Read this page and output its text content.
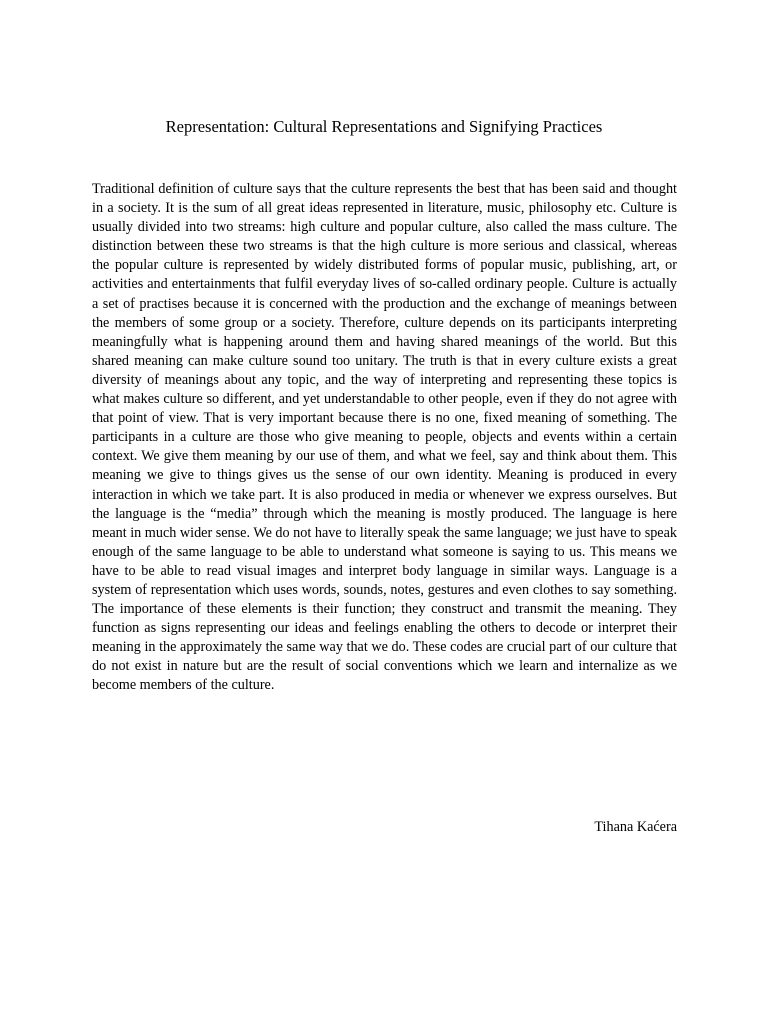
Representation: Cultural Representations and Signifying Practices

Traditional definition of culture says that the culture represents the best that has been said and thought in a society. It is the sum of all great ideas represented in literature, music, philosophy etc. Culture is usually divided into two streams: high culture and popular culture, also called the mass culture. The distinction between these two streams is that the high culture is more serious and classical, whereas the popular culture is represented by widely distributed forms of popular music, publishing, art, or activities and entertainments that fulfil everyday lives of so-called ordinary people. Culture is actually a set of practises because it is concerned with the production and the exchange of meanings between the members of some group or a society. Therefore, culture depends on its participants interpreting meaningfully what is happening around them and having shared meanings of the world. But this shared meaning can make culture sound too unitary. The truth is that in every culture exists a great diversity of meanings about any topic, and the way of interpreting and representing these topics is what makes culture so different, and yet understandable to other people, even if they do not agree with that point of view. That is very important because there is no one, fixed meaning of something. The participants in a culture are those who give meaning to people, objects and events within a certain context. We give them meaning by our use of them, and what we feel, say and think about them. This meaning we give to things gives us the sense of our own identity. Meaning is produced in every interaction in which we take part. It is also produced in media or whenever we express ourselves. But the language is the “media” through which the meaning is mostly produced. The language is here meant in much wider sense. We do not have to literally speak the same language; we just have to speak enough of the same language to be able to understand what someone is saying to us. This means we have to be able to read visual images and interpret body language in similar ways. Language is a system of representation which uses words, sounds, notes, gestures and even clothes to say something. The importance of these elements is their function; they construct and transmit the meaning. They function as signs representing our ideas and feelings enabling the others to decode or interpret their meaning in the approximately the same way that we do. These codes are crucial part of our culture that do not exist in nature but are the result of social conventions which we learn and internalize as we become members of the culture.

Tihana Kaćera
